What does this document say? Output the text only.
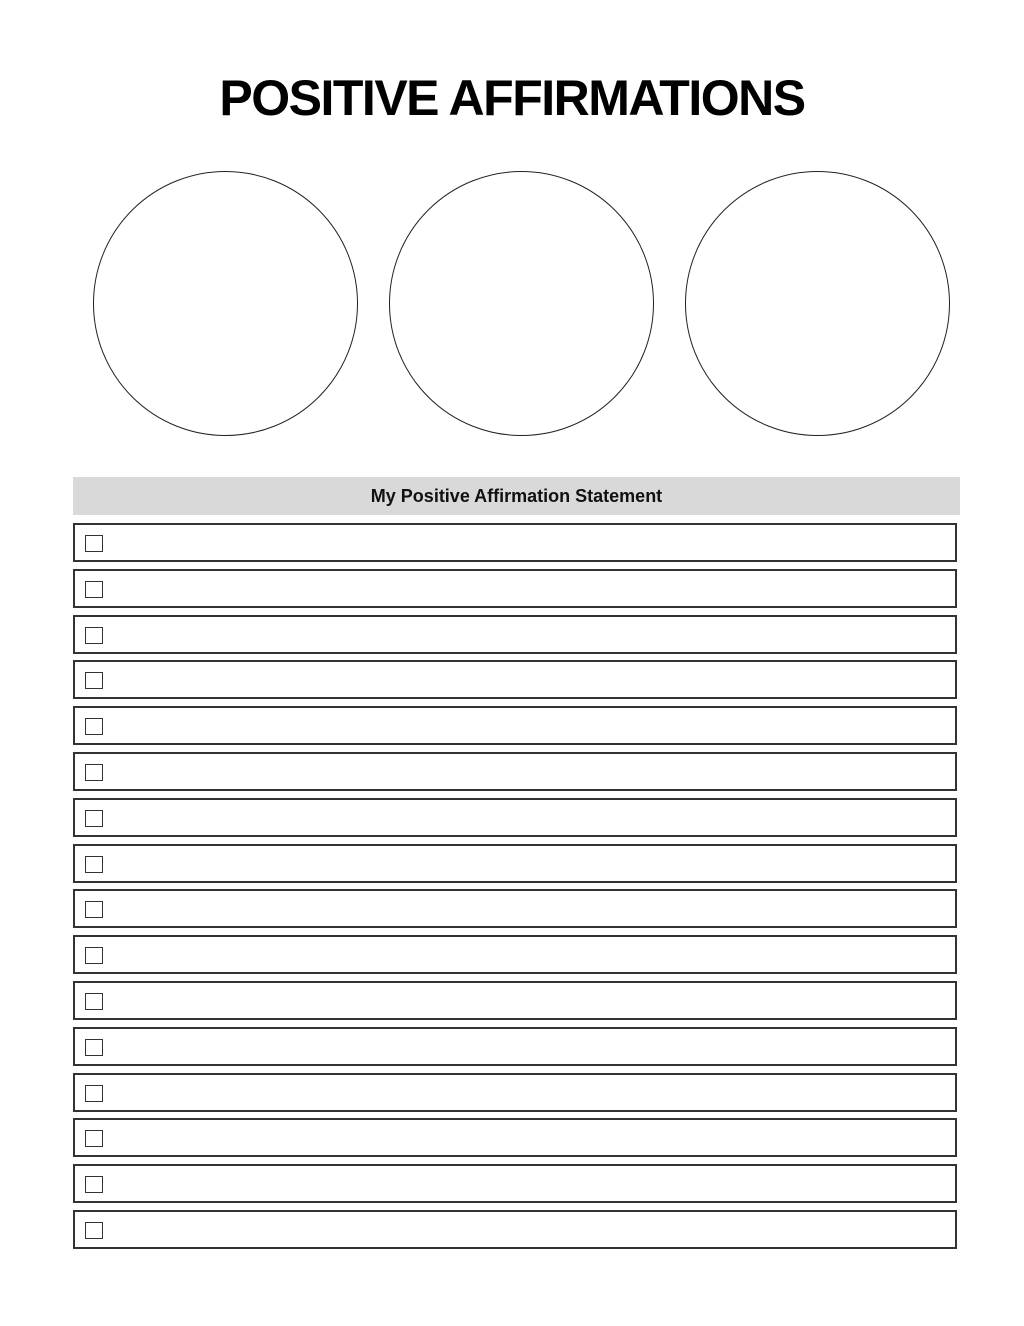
POSITIVE AFFIRMATIONS
My Positive Affirmation Statement
